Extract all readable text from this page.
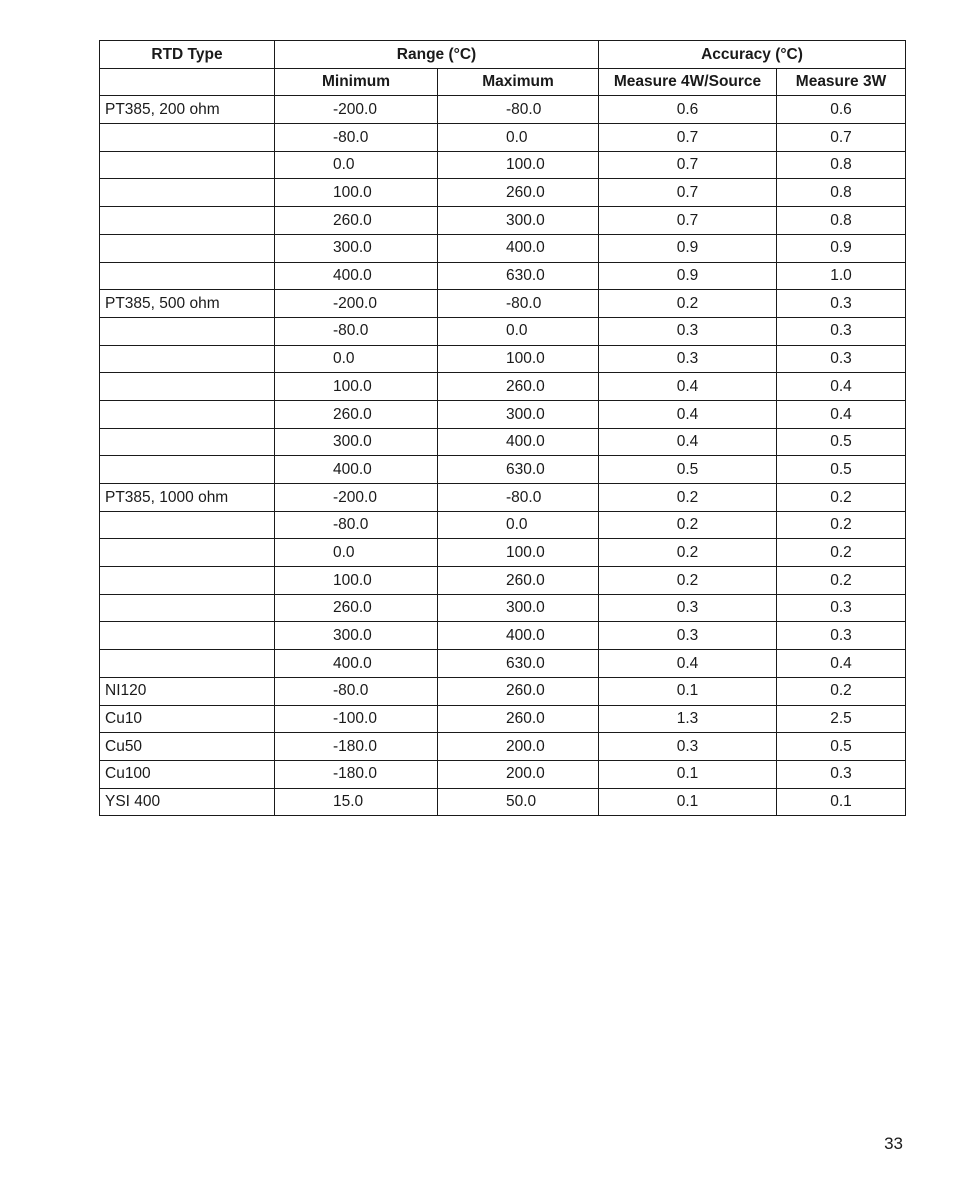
RTD Type	Range (°C)		Accuracy (°C)	
	Minimum	Maximum	Measure 4W/Source	Measure 3W
PT385, 200 ohm	-200.0	-80.0	0.6	0.6
	-80.0	0.0	0.7	0.7
	0.0	100.0	0.7	0.8
	100.0	260.0	0.7	0.8
	260.0	300.0	0.7	0.8
	300.0	400.0	0.9	0.9
	400.0	630.0	0.9	1.0
PT385, 500 ohm	-200.0	-80.0	0.2	0.3
	-80.0	0.0	0.3	0.3
	0.0	100.0	0.3	0.3
	100.0	260.0	0.4	0.4
	260.0	300.0	0.4	0.4
	300.0	400.0	0.4	0.5
	400.0	630.0	0.5	0.5
PT385, 1000 ohm	-200.0	-80.0	0.2	0.2
	-80.0	0.0	0.2	0.2
	0.0	100.0	0.2	0.2
	100.0	260.0	0.2	0.2
	260.0	300.0	0.3	0.3
	300.0	400.0	0.3	0.3
	400.0	630.0	0.4	0.4
NI120	-80.0	260.0	0.1	0.2
Cu10	-100.0	260.0	1.3	2.5
Cu50	-180.0	200.0	0.3	0.5
Cu100	-180.0	200.0	0.1	0.3
YSI 400	15.0	50.0	0.1	0.1
33
